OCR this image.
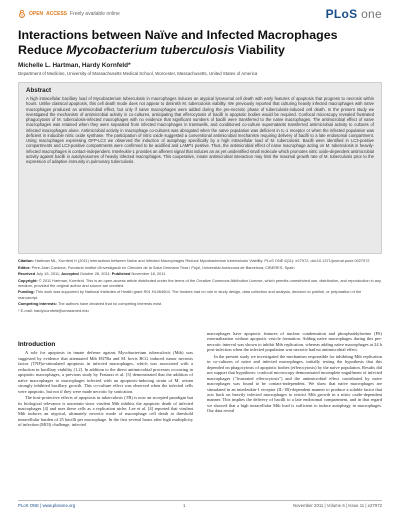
OPEN ACCESS Freely available online	PLoS one
Interactions between Naïve and Infected Macrophages Reduce Mycobacterium tuberculosis Viability
Michelle L. Hartman, Hardy Kornfeld*
Department of Medicine, University of Massachusetts Medical School, Worcester, Massachusetts, United States of America
Abstract
A high intracellular bacillary load of Mycobacterium tuberculosis in macrophages induces an atypical lysosomal cell death with early features of apoptosis that progress to necrosis within hours. Unlike classical apoptosis, this cell death mode does not appear to diminish M. tuberculosis viability. We previously reported that culturing heavily infected macrophages with naïve macrophages produced an antimicrobial effect, but only if naïve macrophages were added during the pre-necrotic phase of tuberculosis-induced cell death. In the present study we investigated the mechanism of antimicrobial activity in co-cultures, anticipating that efferocytosis of bacilli in apoptotic bodies would be required. Confocal microscopy revealed frustrated phagocytosis of M. tuberculosis-infected macrophages with no evidence that significant numbers of bacilli were transferred to the naïve macrophages. The antimicrobial effect of naïve macrophages was retained when they were separated from infected macrophages in transwells, and conditioned co-culture supernatants transferred antimicrobial activity to cultures of infected macrophages alone. Antimicrobial activity in macrophage co-cultures was abrogated when the naïve population was deficient in IL-1 receptor or when the infected population was deficient in inducible nitric oxide synthase. The participation of nitric oxide suggested a conventional antimicrobial mechanism requiring delivery of bacilli to a late endosomal compartment. Using macrophages expressing GFP-LC3 we observed the induction of autophagy specifically by a high intracellular load of M. tuberculosis. Bacilli were identified in LC3-positive compartments and LC3-positive compartments were confirmed to be acidified and LAMP1 positive. Thus, the antimicrobial effect of naïve macrophage acting on M. tuberculosis in heavily-infected macrophages is contact-independent. Interleukin-1 provides an afferent signal that induces an as yet unidentified small molecule which promotes nitric oxide-dependent antimicrobial activity against bacilli in autolysosomes of heavily infected macrophages. This cooperative, innate antimicrobial interaction may limit the maximal growth rate of M. tuberculosis prior to the expression of adaptive immunity in pulmonary tuberculosis.

Citation: Hartman ML, Kornfeld H (2011) Interactions between Naïve and Infected Macrophages Reduce Mycobacterium tuberculosis Viability. PLoS ONE 6(11): e27972. doi:10.1371/journal.pone.0027972

Editor: Pere-Joan Cardona, Fundació Institut d'Investigació en Ciències de la Salut Germans Trias i Pujol, Universitat Autònoma de Barcelona, CIBERES, Spain

Received July 15, 2011; Accepted October 28, 2011; Published November 18, 2011

Copyright: © 2011 Hartman, Kornfeld. This is an open-access article distributed under the terms of the Creative Commons Attribution License, which permits unrestricted use, distribution, and reproduction in any medium, provided the original author and source are credited.

Funding: This work was supported by National Institutes of Health grant R01 HL064604. The funders had no role in study design, data collection and analysis, decision to publish, or preparation of the manuscript.

Competing Interests: The authors have declared that no competing interests exist.

* E-mail: hardy.kornfeld@umassmed.edu

Introduction

A role for apoptosis in innate defense against Mycobacterium tuberculosis (Mtb) was suggested by evidence that attenuated Mtb H37Ra and M. bovis BCG induced tumor necrosis factor (TNF)α-stimulated apoptosis in infected macrophages, which was associated with a reduction in bacillary viability [1,2]. In addition to the direct antimicrobial processes occurring in apoptotic macrophages, a previous study by Fratazzi et al. [3] demonstrated that the addition of naïve macrophages to macrophages infected with an apoptosis-inducing strain of M. avium strongly inhibited bacillary growth. This co-culture effect was observed when the infected cells were apoptotic, but not if they were made necrotic by sonication.

The host-protective effects of apoptosis in tuberculosis (TB) is now an accepted paradigm but its biological relevance is uncertain since virulent Mtb inhibits the apoptotic death of infected macrophages [4] and uses these cells as a replication niche. Lee et al. [4] reported that virulent Mtb induces an atypical, ultimately necrotic mode of macrophage cell death at threshold intracellular burden of 25 bacilli per macrophage. In the first several hours after high multiplicity of infection (MOI) challenge, infected

macrophages have apoptotic features of nuclear condensation and phosphatidylserine (PS) externalization without apoptotic vesicle formation. Adding naïve macrophages during this pre-necrotic interval was shown to inhibit Mtb replication, whereas adding naïve macrophages at 24 h post-infection when the infected population was necrotic had no antimicrobial effect.

In the present study we investigated the mechanism responsible for inhibiting Mtb replication in co-cultures of naïve and infected macrophages, initially testing the hypothesis that this depended on phagocytosis of apoptotic bodies (efferocytosis) by the naïve population. Results did not support that hypothesis: confocal microscopy demonstrated incomplete engulfment of infected macrophages ("frustrated efferocytosis") and the antimicrobial effect contributed by naïve macrophages was found to be contact-independent. We show that naïve macrophages are stimulated in an interleukin-1 receptor (IL-1R)-dependent manner to produce a soluble factor that acts back on heavily infected macrophages to restrict Mtb growth in a nitric oxide-dependent manner. This implies the delivery of bacilli to a late endosomal compartment, and in that regard we showed that a high intracellular Mtb load is sufficient to induce autophagy in macrophages. Our data reveal

PLoS ONE | www.plosone.org	1	November 2011 | Volume 6 | Issue 11 | e27972
